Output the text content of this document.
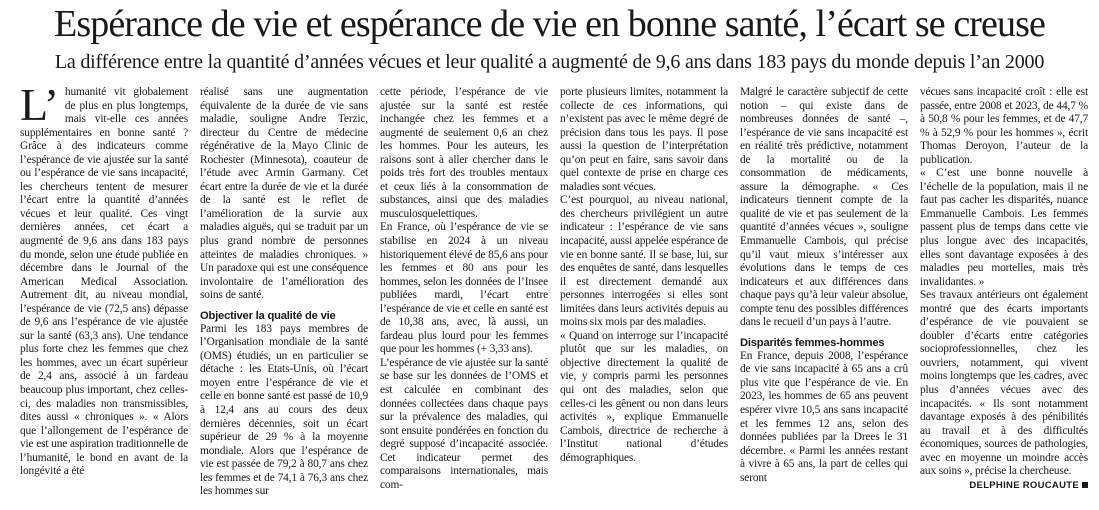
Espérance de vie et espérance de vie en bonne santé, l’écart se creuse
La différence entre la quantité d’années vécues et leur qualité a augmenté de 9,6 ans dans 183 pays du monde depuis l’an 2000

L’ humanité vit globalement de plus en plus longtemps, mais vit-elle ces années supplémentaires en bonne santé ? Grâce à des indicateurs comme l’espérance de vie ajustée sur la santé ou l’espérance de vie sans incapacité, les chercheurs tentent de mesurer l’écart entre la quantité d’années vécues et leur qualité. Ces vingt dernières années, cet écart a augmenté de 9,6 ans dans 183 pays du monde, selon une étude publiée en décembre dans le Journal of the American Medical Association. Autrement dit, au niveau mondial, l’espérance de vie (72,5 ans) dépasse de 9,6 ans l’espérance de vie ajustée sur la santé (63,3 ans). Une tendance plus forte chez les femmes que chez les hommes, avec un écart supérieur de 2,4 ans, associé à un fardeau beaucoup plus important, chez celles-ci, des maladies non transmissibles, dites aussi « chroniques ». « Alors que l’allongement de l’espérance de vie est une aspiration traditionnelle de l’humanité, le bond en avant de la longévité a été

réalisé sans une augmentation équivalente de la durée de vie sans maladie, souligne Andre Terzic, directeur du Centre de médecine régénérative de la Mayo Clinic de Rochester (Minnesota), coauteur de l’étude avec Armin Garmany. Cet écart entre la durée de vie et la durée de la santé est le reflet de l’amélioration de la survie aux maladies aiguës, qui se traduit par un plus grand nombre de personnes atteintes de maladies chroniques. » Un paradoxe qui est une conséquence involontaire de l’amélioration des soins de santé.

Objectiver la qualité de vie

Parmi les 183 pays membres de l’Organisation mondiale de la santé (OMS) étudiés, un en particulier se détache : les Etats-Unis, où l’écart moyen entre l’espérance de vie et celle en bonne santé est passé de 10,9 à 12,4 ans au cours des deux dernières décennies, soit un écart supérieur de 29 % à la moyenne mondiale. Alors que l’espérance de vie est passée de 79,2 à 80,7 ans chez les femmes et de 74,1 à 76,3 ans chez les hommes sur

cette période, l’espérance de vie ajustée sur la santé est restée inchangée chez les femmes et a augmenté de seulement 0,6 an chez les hommes. Pour les auteurs, les raisons sont à aller chercher dans le poids très fort des troubles mentaux et ceux liés à la consommation de substances, ainsi que des maladies musculosquelettiques.

En France, où l’espérance de vie se stabilise en 2024 à un niveau historiquement élevé de 85,6 ans pour les femmes et 80 ans pour les hommes, selon les données de l’Insee publiées mardi, l’écart entre l’espérance de vie et celle en santé est de 10,38 ans, avec, là aussi, un fardeau plus lourd pour les femmes que pour les hommes (+ 3,33 ans).

L’espérance de vie ajustée sur la santé se base sur les données de l’OMS et est calculée en combinant des données collectées dans chaque pays sur la prévalence des maladies, qui sont ensuite pondérées en fonction du degré supposé d’incapacité associée. Cet indicateur permet des comparaisons internationales, mais com-

porte plusieurs limites, notamment la collecte de ces informations, qui n’existent pas avec le même degré de précision dans tous les pays. Il pose aussi la question de l’interprétation qu’on peut en faire, sans savoir dans quel contexte de prise en charge ces maladies sont vécues.

C’est pourquoi, au niveau national, des chercheurs privilégient un autre indicateur : l’espérance de vie sans incapacité, aussi appelée espérance de vie en bonne santé. Il se base, lui, sur des enquêtes de santé, dans lesquelles il est directement demandé aux personnes interrogées si elles sont limitées dans leurs activités depuis au moins six mois par des maladies.

« Quand on interroge sur l’incapacité plutôt que sur les maladies, on objective directement la qualité de vie, y compris parmi les personnes qui ont des maladies, selon que celles-ci les gênent ou non dans leurs activités », explique Emmanuelle Cambois, directrice de recherche à l’Institut national d’études démographiques.

Malgré le caractère subjectif de cette notion – qui existe dans de nombreuses données de santé –, l’espérance de vie sans incapacité est en réalité très prédictive, notamment de la mortalité ou de la consommation de médicaments, assure la démographe. « Ces indicateurs tiennent compte de la qualité de vie et pas seulement de la quantité d’années vécues », souligne Emmanuelle Cambois, qui précise qu’il vaut mieux s’intéresser aux évolutions dans le temps de ces indicateurs et aux différences dans chaque pays qu’à leur valeur absolue, compte tenu des possibles différences dans le recueil d’un pays à l’autre.

Disparités femmes-hommes

En France, depuis 2008, l’espérance de vie sans incapacité à 65 ans a crû plus vite que l’espérance de vie. En 2023, les hommes de 65 ans peuvent espérer vivre 10,5 ans sans incapacité et les femmes 12 ans, selon des données publiées par la Drees le 31 décembre. « Parmi les années restant à vivre à 65 ans, la part de celles qui seront

vécues sans incapacité croît : elle est passée, entre 2008 et 2023, de 44,7 % à 50,8 % pour les femmes, et de 47,7 % à 52,9 % pour les hommes », écrit Thomas Deroyon, l’auteur de la publication.

« C’est une bonne nouvelle à l’échelle de la population, mais il ne faut pas cacher les disparités, nuance Emmanuelle Cambois. Les femmes passent plus de temps dans cette vie plus longue avec des incapacités, elles sont davantage exposées à des maladies peu mortelles, mais très invalidantes. »

Ses travaux antérieurs ont également montré que des écarts importants d’espérance de vie pouvaient se doubler d’écarts entre catégories socioprofessionnelles, chez les ouvriers, notamment, qui vivent moins longtemps que les cadres, avec plus d’années vécues avec des incapacités. « Ils sont notamment davantage exposés à des pénibilités au travail et à des difficultés économiques, sources de pathologies, avec en moyenne un moindre accès aux soins », précise la chercheuse.

DELPHINE ROUCAUTE
